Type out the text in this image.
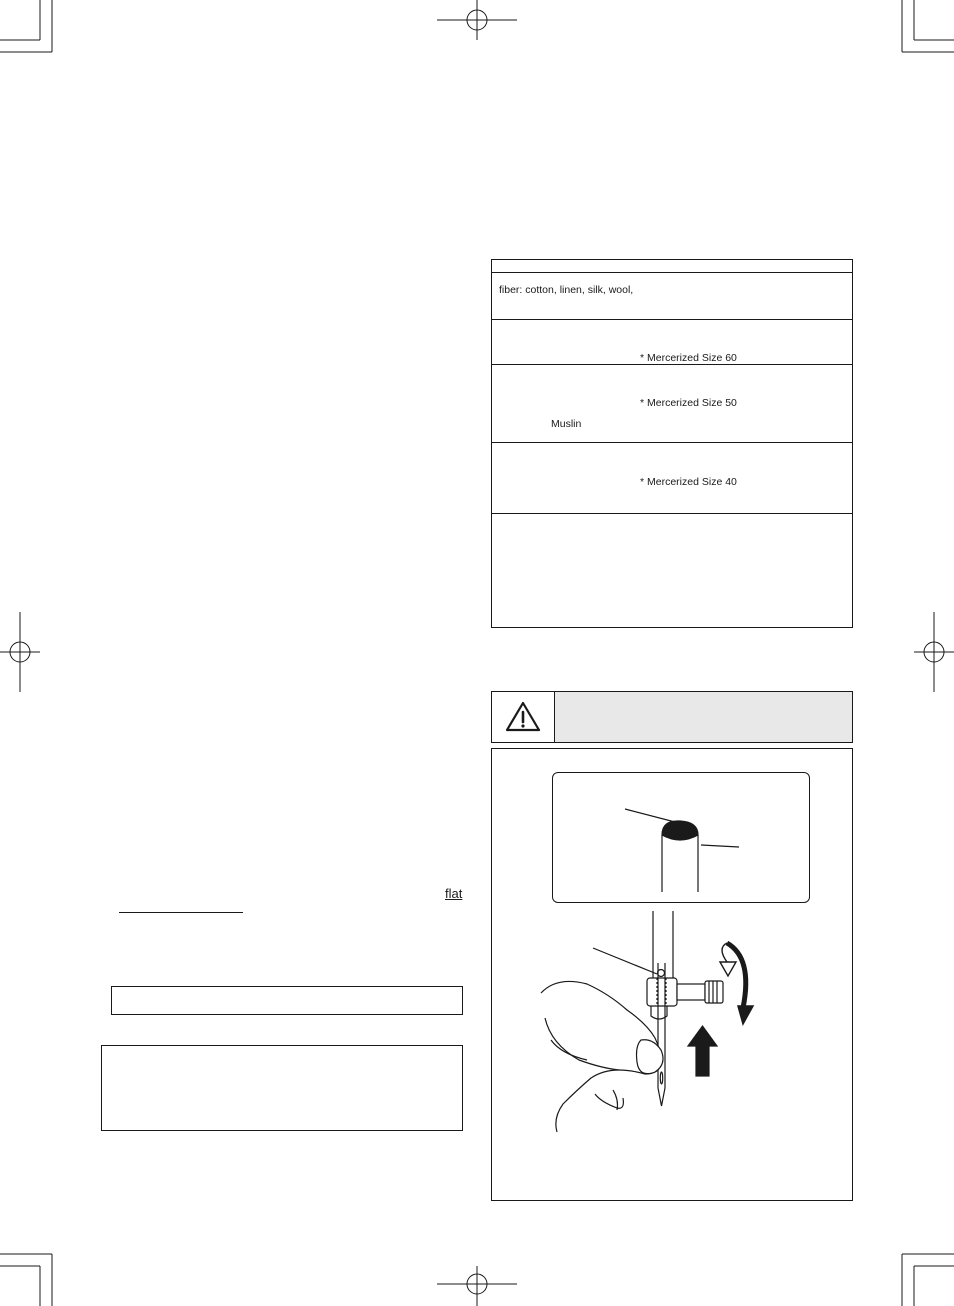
flat
fiber: cotton, linen, silk, wool,
* Mercerized Size 60
* Mercerized Size 50
Muslin
* Mercerized Size 40
